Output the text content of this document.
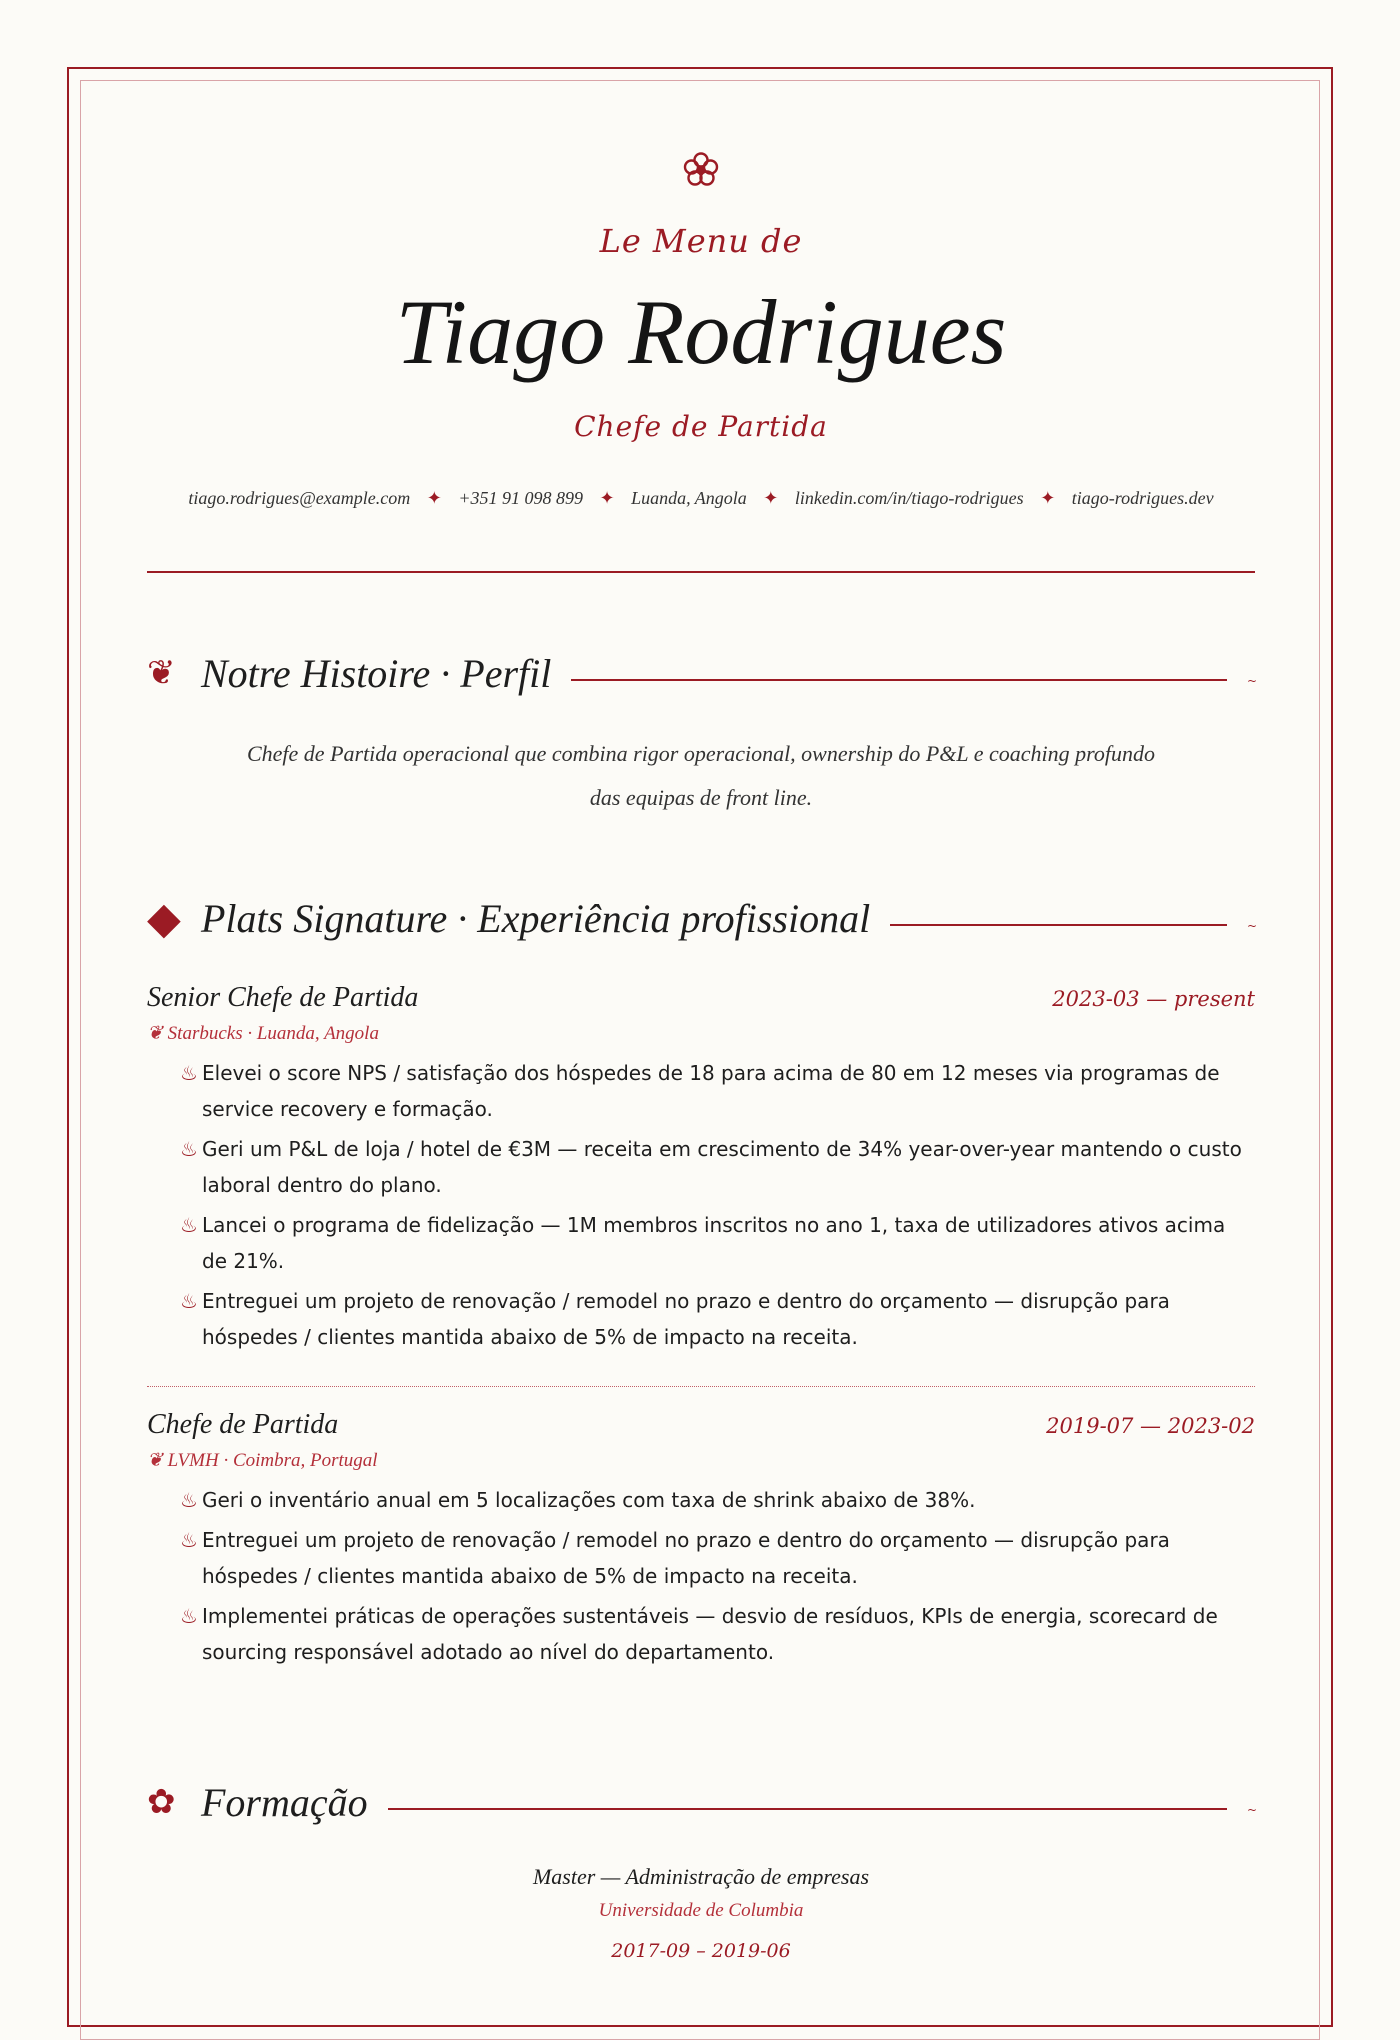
Le Menu de
Tiago Rodrigues
Chefe de Partida
tiago.rodrigues@example.com ✦ +351 91 098 899 ✦ Luanda, Angola ✦ linkedin.com/in/tiago-rodrigues ✦ tiago-rodrigues.dev
❦ Notre Histoire · Perfil	~
Chefe de Partida operacional que combina rigor operacional, ownership do P&L e coaching profundo
das equipas de front line.
◆ Plats Signature · Experiência profissional	~
Senior Chefe de Partida	2023-03 — present
❦ Starbucks · Luanda, Angola
♨ Elevei o score NPS / satisfação dos hóspedes de 18 para acima de 80 em 12 meses via programas de service recovery e formação.
♨ Geri um P&L de loja / hotel de €3M — receita em crescimento de 34% year-over-year mantendo o custo laboral dentro do plano.
♨ Lancei o programa de fidelização — 1M membros inscritos no ano 1, taxa de utilizadores ativos acima de 21%.
♨ Entreguei um projeto de renovação / remodel no prazo e dentro do orçamento — disrupção para hóspedes / clientes mantida abaixo de 5% de impacto na receita.
Chefe de Partida	2019-07 — 2023-02
❦ LVMH · Coimbra, Portugal
♨ Geri o inventário anual em 5 localizações com taxa de shrink abaixo de 38%.
♨ Entreguei um projeto de renovação / remodel no prazo e dentro do orçamento — disrupção para hóspedes / clientes mantida abaixo de 5% de impacto na receita.
♨ Implementei práticas de operações sustentáveis — desvio de resíduos, KPIs de energia, scorecard de sourcing responsável adotado ao nível do departamento.
✿ Formação	~
Master — Administração de empresas
Universidade de Columbia
2017-09 – 2019-06
